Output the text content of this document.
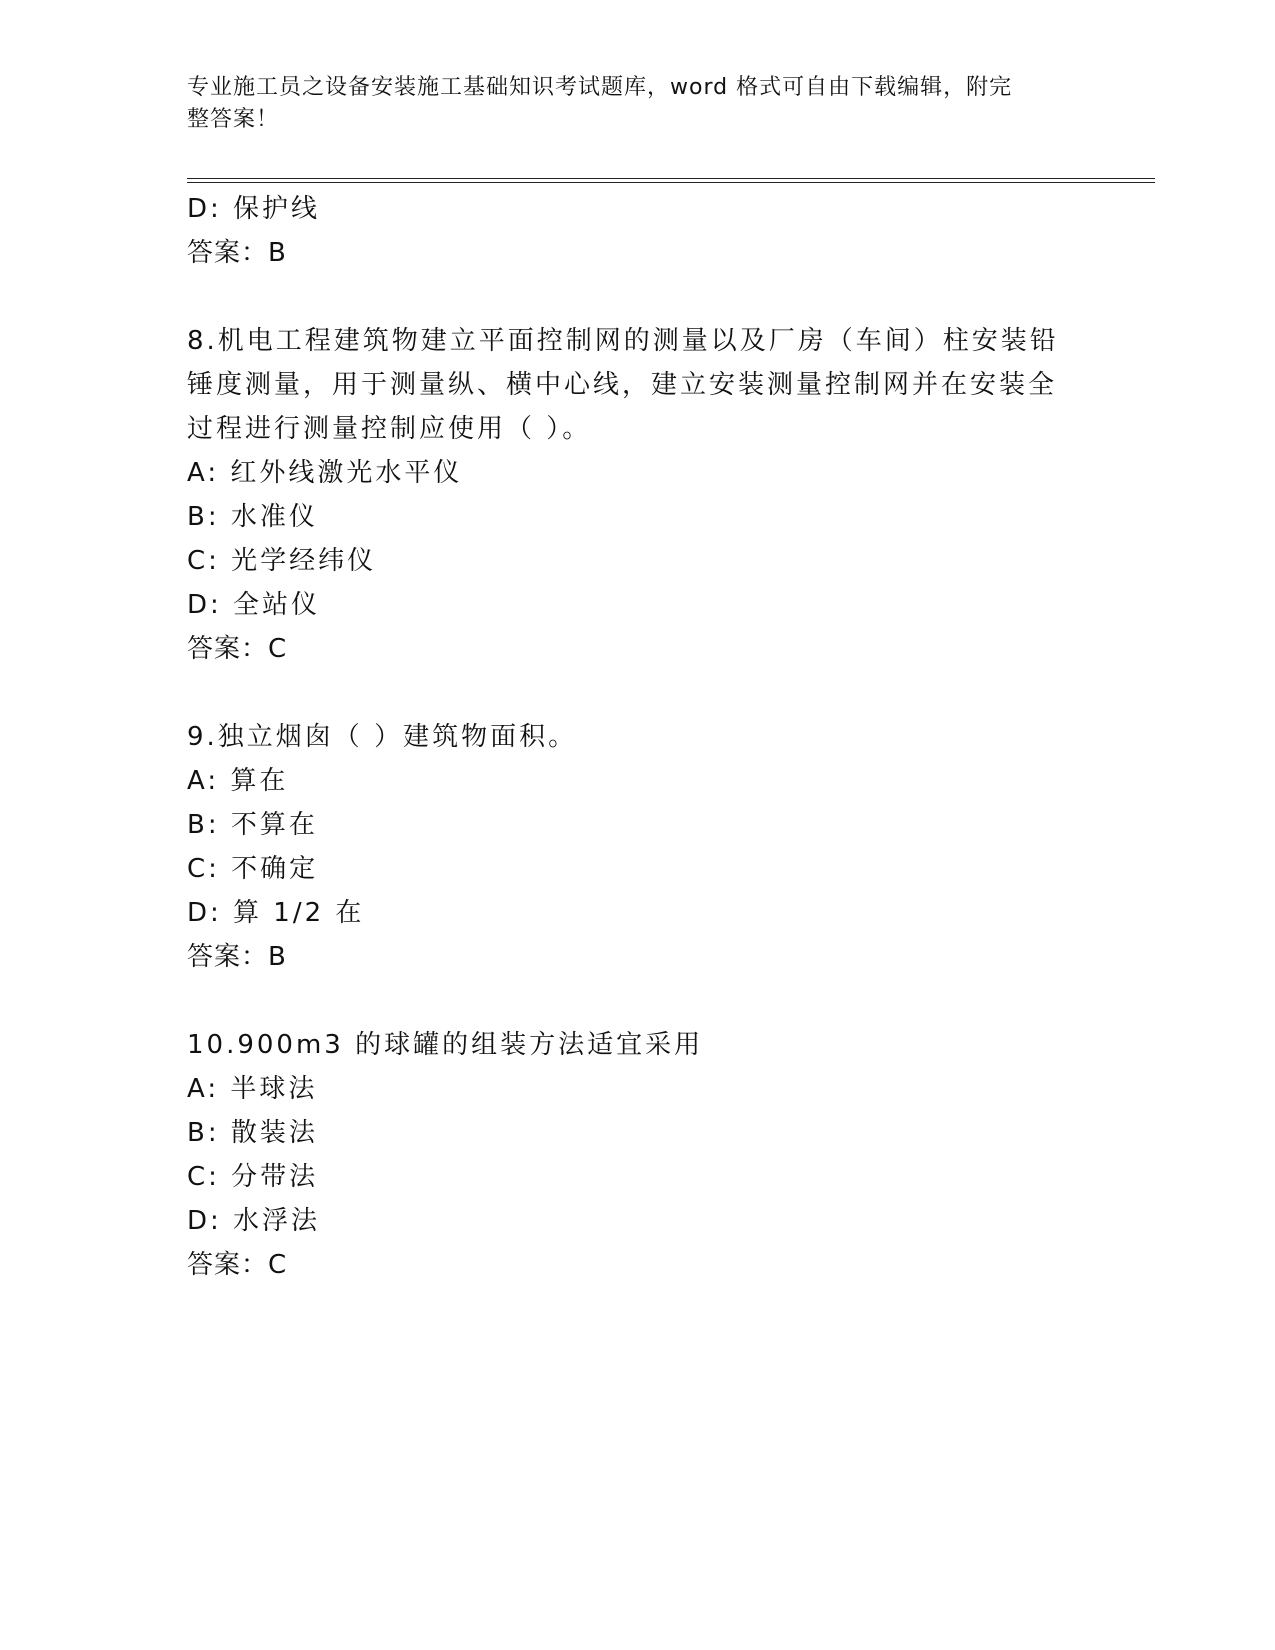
专业施工员之设备安装施工基础知识考试题库，word 格式可自由下载编辑，附完
整答案！
D: 保护线
答案：B
8.机电工程建筑物建立平面控制网的测量以及厂房（车间）柱安装铅
锤度测量，用于测量纵、横中心线，建立安装测量控制网并在安装全
过程进行测量控制应使用（ ）。
A: 红外线激光水平仪
B: 水准仪
C: 光学经纬仪
D: 全站仪
答案：C
9.独立烟囱（ ）建筑物面积。
A: 算在
B: 不算在
C: 不确定
D: 算 1/2 在
答案：B
10.900m3 的球罐的组装方法适宜采用
A: 半球法
B: 散装法
C: 分带法
D: 水浮法
答案：C
